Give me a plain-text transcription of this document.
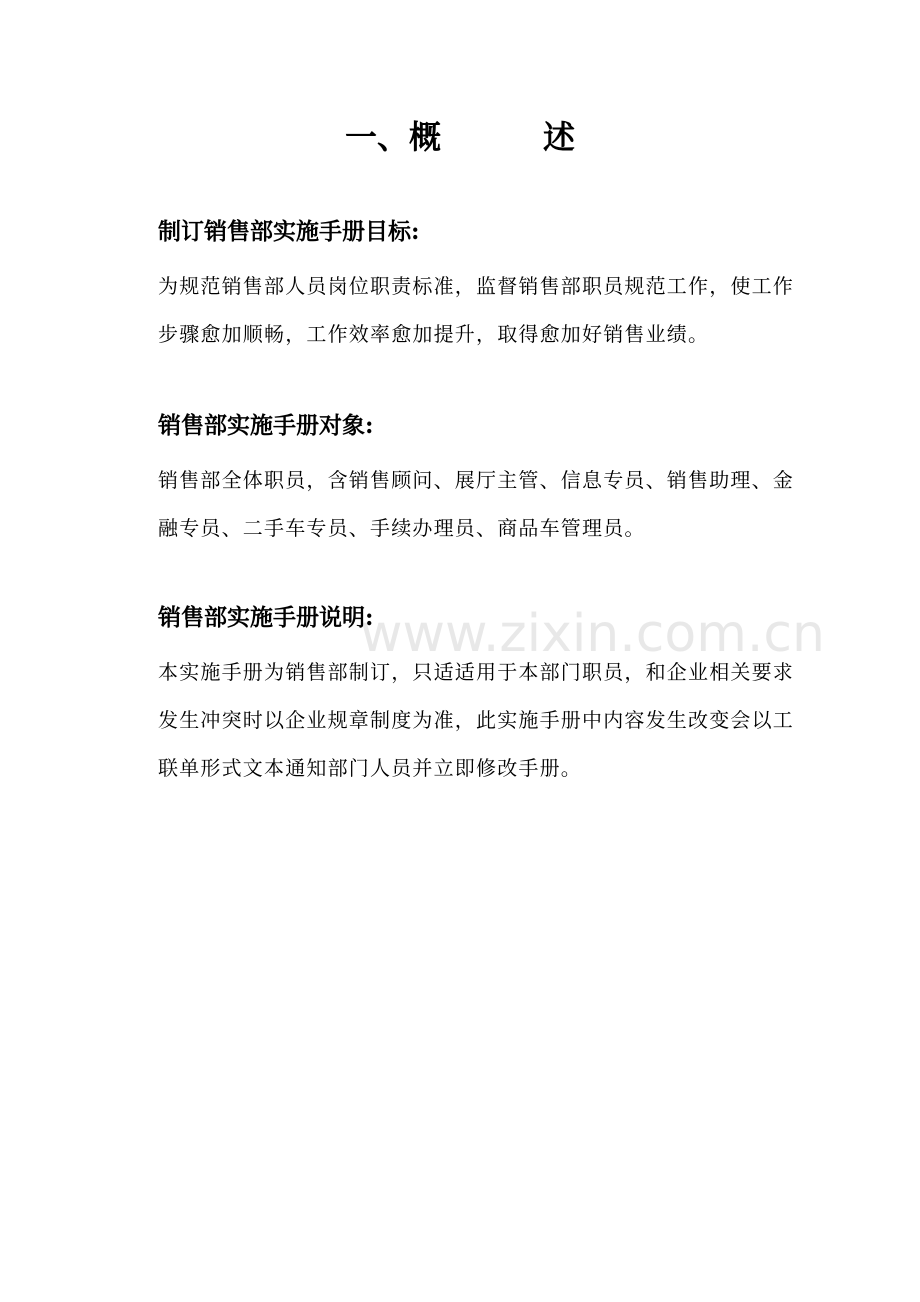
www.zixin.com.cn
一、概	述
制订销售部实施手册目标:

为规范销售部人员岗位职责标准，监督销售部职员规范工作，使工作步骤愈加顺畅，工作效率愈加提升，取得愈加好销售业绩。

销售部实施手册对象:

销售部全体职员，含销售顾问、展厅主管、信息专员、销售助理、金融专员、二手车专员、手续办理员、商品车管理员。

销售部实施手册说明:

本实施手册为销售部制订，只适适用于本部门职员，和企业相关要求发生冲突时以企业规章制度为准，此实施手册中内容发生改变会以工联单形式文本通知部门人员并立即修改手册。
